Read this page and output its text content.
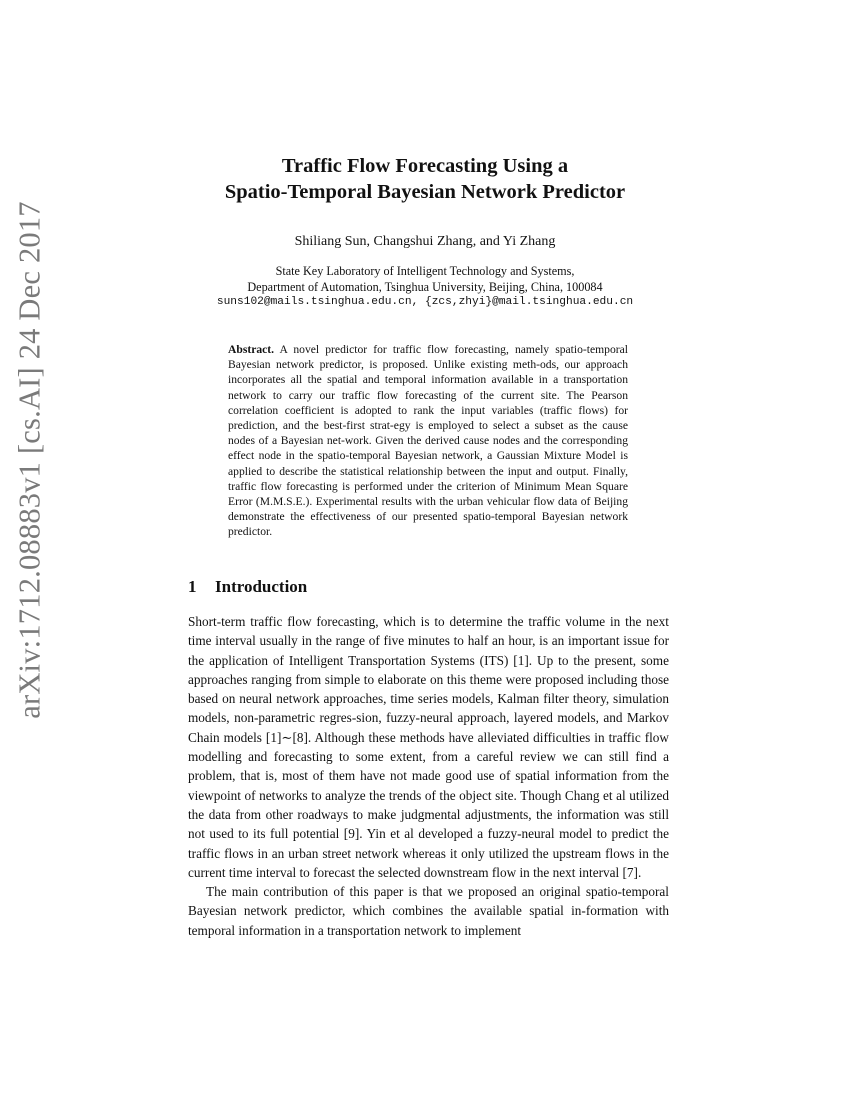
arXiv:1712.08883v1 [cs.AI] 24 Dec 2017
Traffic Flow Forecasting Using a
Spatio-Temporal Bayesian Network Predictor
Shiliang Sun, Changshui Zhang, and Yi Zhang
State Key Laboratory of Intelligent Technology and Systems,
Department of Automation, Tsinghua University, Beijing, China, 100084
suns102@mails.tsinghua.edu.cn, {zcs,zhyi}@mail.tsinghua.edu.cn
Abstract. A novel predictor for traffic flow forecasting, namely spatio-temporal Bayesian network predictor, is proposed. Unlike existing meth-ods, our approach incorporates all the spatial and temporal information available in a transportation network to carry our traffic flow forecasting of the current site. The Pearson correlation coefficient is adopted to rank the input variables (traffic flows) for prediction, and the best-first strat-egy is employed to select a subset as the cause nodes of a Bayesian net-work. Given the derived cause nodes and the corresponding effect node in the spatio-temporal Bayesian network, a Gaussian Mixture Model is applied to describe the statistical relationship between the input and output. Finally, traffic flow forecasting is performed under the criterion of Minimum Mean Square Error (M.M.S.E.). Experimental results with the urban vehicular flow data of Beijing demonstrate the effectiveness of our presented spatio-temporal Bayesian network predictor.
1 Introduction

Short-term traffic flow forecasting, which is to determine the traffic volume in the next time interval usually in the range of five minutes to half an hour, is an important issue for the application of Intelligent Transportation Systems (ITS) [1]. Up to the present, some approaches ranging from simple to elaborate on this theme were proposed including those based on neural network approaches, time series models, Kalman filter theory, simulation models, non-parametric regres-sion, fuzzy-neural approach, layered models, and Markov Chain models [1]∼[8]. Although these methods have alleviated difficulties in traffic flow modelling and forecasting to some extent, from a careful review we can still find a problem, that is, most of them have not made good use of spatial information from the viewpoint of networks to analyze the trends of the object site. Though Chang et al utilized the data from other roadways to make judgmental adjustments, the information was still not used to its full potential [9]. Yin et al developed a fuzzy-neural model to predict the traffic flows in an urban street network whereas it only utilized the upstream flows in the current time interval to forecast the selected downstream flow in the next interval [7].

The main contribution of this paper is that we proposed an original spatio-temporal Bayesian network predictor, which combines the available spatial in-formation with temporal information in a transportation network to implement
